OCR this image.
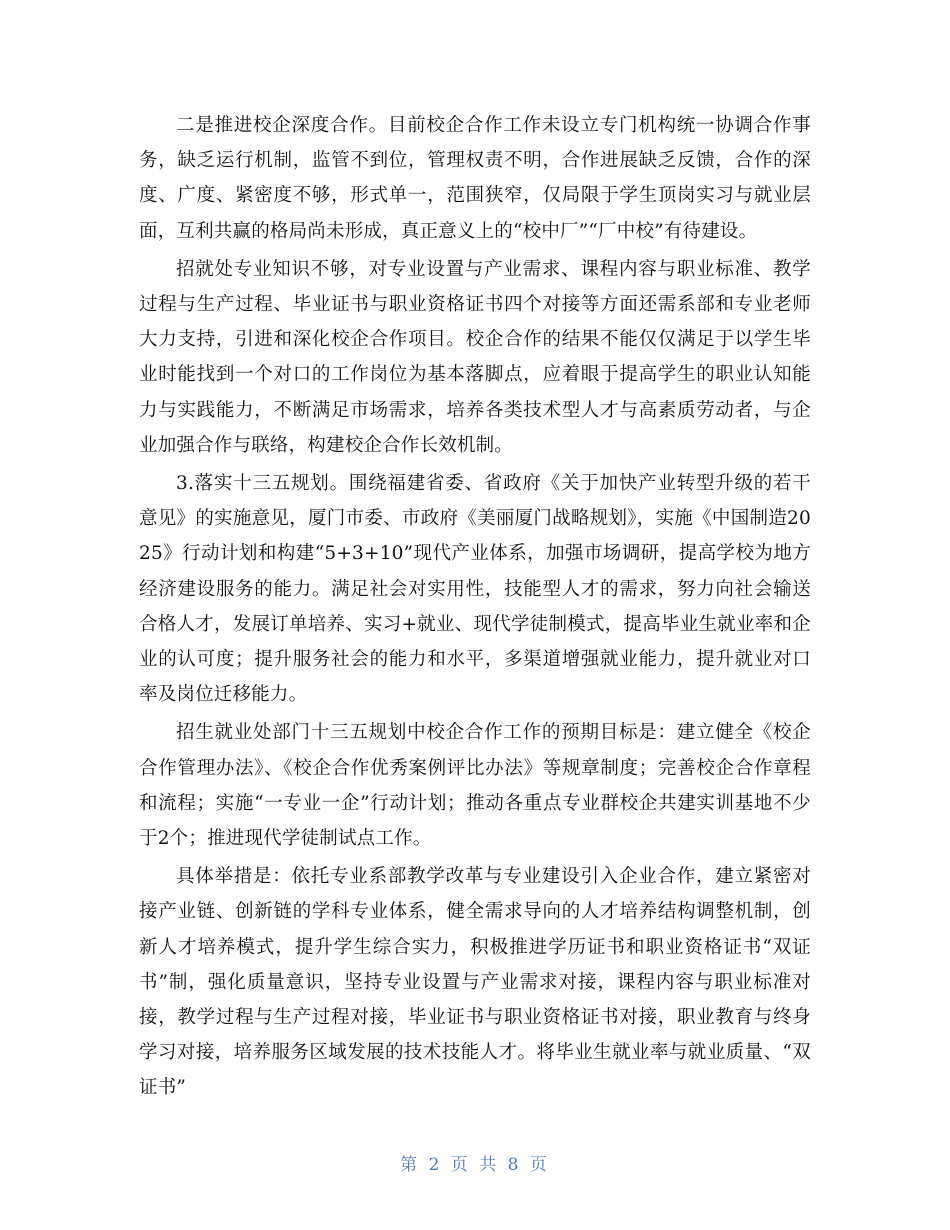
二是推进校企深度合作。目前校企合作工作未设立专门机构统一协调合作事务，缺乏运行机制，监管不到位，管理权责不明，合作进展缺乏反馈，合作的深度、广度、紧密度不够，形式单一，范围狭窄，仅局限于学生顶岗实习与就业层面，互利共赢的格局尚未形成，真正意义上的“校中厂”“厂中校”有待建设。

招就处专业知识不够，对专业设置与产业需求、课程内容与职业标准、教学过程与生产过程、毕业证书与职业资格证书四个对接等方面还需系部和专业老师大力支持，引进和深化校企合作项目。校企合作的结果不能仅仅满足于以学生毕业时能找到一个对口的工作岗位为基本落脚点，应着眼于提高学生的职业认知能力与实践能力，不断满足市场需求，培养各类技术型人才与高素质劳动者，与企业加强合作与联络，构建校企合作长效机制。

3.落实十三五规划。围绕福建省委、省政府《关于加快产业转型升级的若干意见》的实施意见，厦门市委、市政府《美丽厦门战略规划》，实施《中国制造2025》行动计划和构建“5+3+10”现代产业体系，加强市场调研，提高学校为地方经济建设服务的能力。满足社会对实用性，技能型人才的需求，努力向社会输送合格人才，发展订单培养、实习+就业、现代学徒制模式，提高毕业生就业率和企业的认可度；提升服务社会的能力和水平，多渠道增强就业能力，提升就业对口率及岗位迁移能力。

招生就业处部门十三五规划中校企合作工作的预期目标是：建立健全《校企合作管理办法》、《校企合作优秀案例评比办法》等规章制度；完善校企合作章程和流程；实施“一专业一企”行动计划；推动各重点专业群校企共建实训基地不少于2个；推进现代学徒制试点工作。

具体举措是：依托专业系部教学改革与专业建设引入企业合作，建立紧密对接产业链、创新链的学科专业体系，健全需求导向的人才培养结构调整机制，创新人才培养模式，提升学生综合实力，积极推进学历证书和职业资格证书“双证书”制，强化质量意识，坚持专业设置与产业需求对接，课程内容与职业标准对接，教学过程与生产过程对接，毕业证书与职业资格证书对接，职业教育与终身学习对接，培养服务区域发展的技术技能人才。将毕业生就业率与就业质量、“双证书”

第 2 页 共 8 页
